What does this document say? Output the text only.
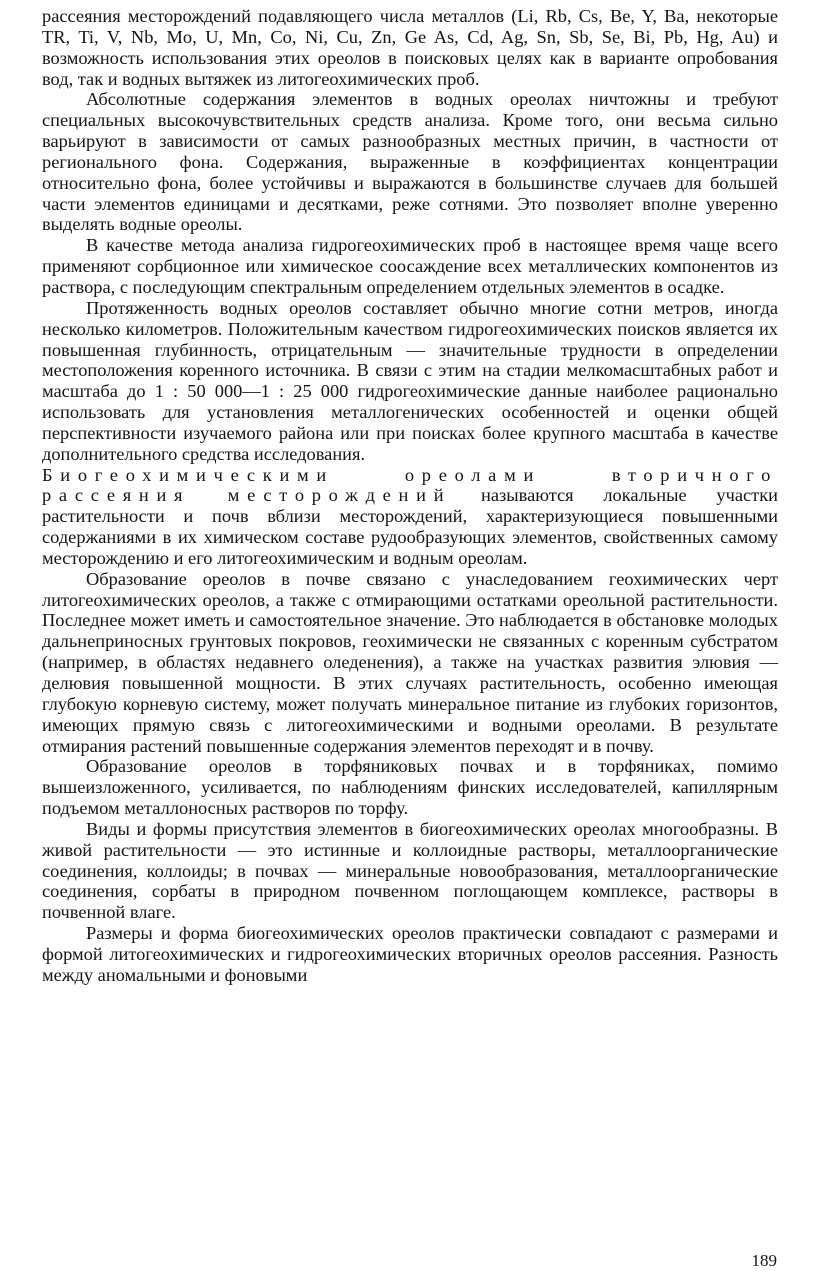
рассеяния месторождений подавляющего числа металлов (Li, Rb, Cs, Be, Y, Ba, некоторые TR, Ti, V, Nb, Mo, U, Mn, Co, Ni, Cu, Zn, Ge As, Cd, Ag, Sn, Sb, Se, Bi, Pb, Hg, Au) и возможность использования этих ореолов в поисковых целях как в варианте опробования вод, так и водных вытяжек из литогеохимических проб.

Абсолютные содержания элементов в водных ореолах ничтожны и требуют специальных высокочувствительных средств анализа. Кроме того, они весьма сильно варьируют в зависимости от самых разнообразных местных причин, в частности от регионального фона. Содержания, выраженные в коэффициентах концентрации относительно фона, более устойчивы и выражаются в большинстве случаев для большей части элементов единицами и десятками, реже сотнями. Это позволяет вполне уверенно выделять водные ореолы.

В качестве метода анализа гидрогеохимических проб в настоящее время чаще всего применяют сорбционное или химическое соосаждение всех металлических компонентов из раствора, с последующим спектральным определением отдельных элементов в осадке.

Протяженность водных ореолов составляет обычно многие сотни метров, иногда несколько километров. Положительным качеством гидрогеохимических поисков является их повышенная глубинность, отрицательным — значительные трудности в определении местоположения коренного источника. В связи с этим на стадии мелкомасштабных работ и масштаба до 1 : 50 000—1 : 25 000 гидрогеохимические данные наиболее рационально использовать для установления металлогенических особенностей и оценки общей перспективности изучаемого района или при поисках более крупного масштаба в качестве дополнительного средства исследования.

Биогеохимическими ореолами вторичного рассеяния месторождений называются локальные участки растительности и почв вблизи месторождений, характеризующиеся повышенными содержаниями в их химическом составе рудообразующих элементов, свойственных самому месторождению и его литогеохимическим и водным ореолам.

Образование ореолов в почве связано с унаследованием геохимических черт литогеохимических ореолов, а также с отмирающими остатками ореольной растительности. Последнее может иметь и самостоятельное значение. Это наблюдается в обстановке молодых дальнеприносных грунтовых покровов, геохимически не связанных с коренным субстратом (например, в областях недавнего оледенения), а также на участках развития элювия — делювия повышенной мощности. В этих случаях растительность, особенно имеющая глубокую корневую систему, может получать минеральное питание из глубоких горизонтов, имеющих прямую связь с литогеохимическими и водными ореолами. В результате отмирания растений повышенные содержания элементов переходят и в почву.

Образование ореолов в торфяниковых почвах и в торфяниках, помимо вышеизложенного, усиливается, по наблюдениям финских исследователей, капиллярным подъемом металлоносных растворов по торфу.

Виды и формы присутствия элементов в биогеохимических ореолах многообразны. В живой растительности — это истинные и коллоидные растворы, металлоорганические соединения, коллоиды; в почвах — минеральные новообразования, металлоорганические соединения, сорбаты в природном почвенном поглощающем комплексе, растворы в почвенной влаге.

Размеры и форма биогеохимических ореолов практически совпадают с размерами и формой литогеохимических и гидрогеохимических вторичных ореолов рассеяния. Разность между аномальными и фоновыми

189
